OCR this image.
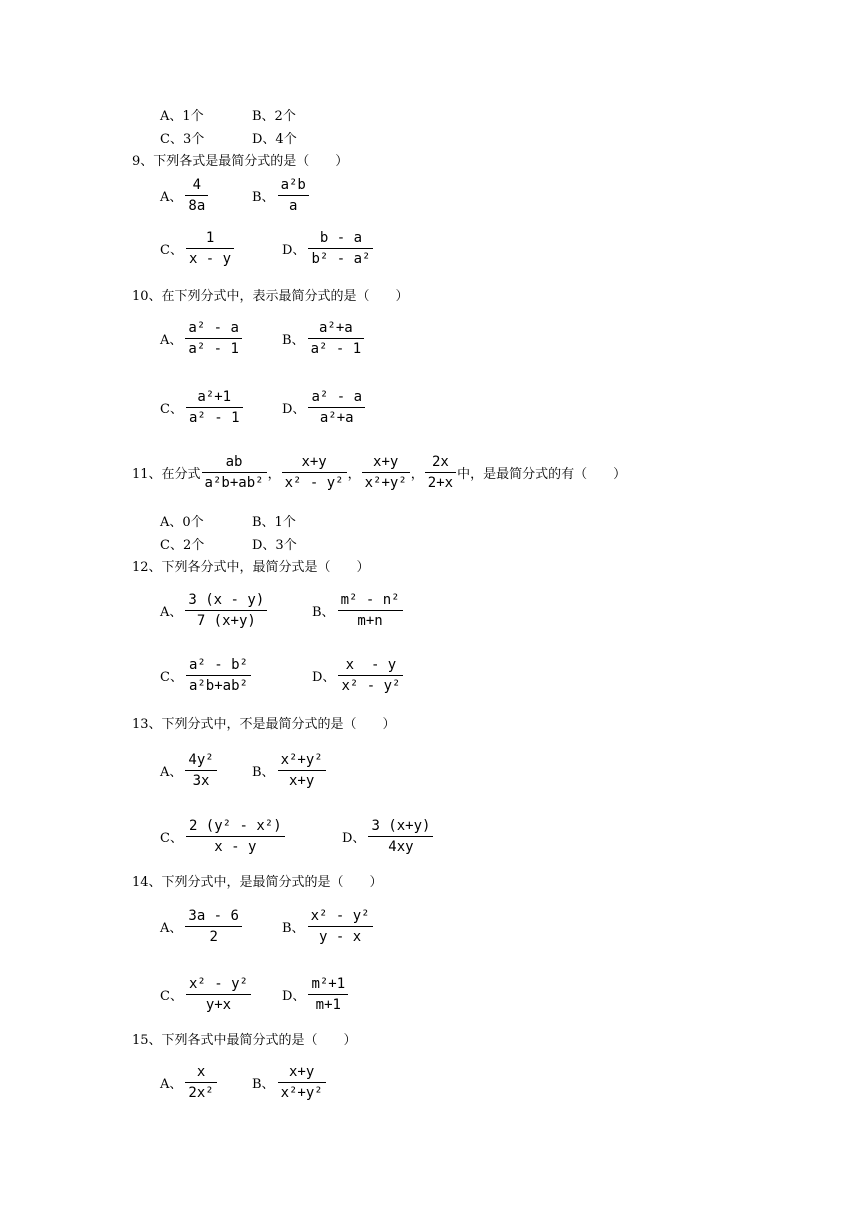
A、1个	B、2个
C、3个	D、4个
9、下列各式是最简分式的是（　　）
A、 $\frac{4}{8a}$	B、 $\frac{\text{a²b}}{a}$
C、 $\frac{1}{x - y}$	D、 $\frac{b - a}{\text{b² - a²}}$
10、在下列分式中，表示最简分式的是（　　）
A、 $\frac{\text{a² - a}}{\text{a² - 1}}$	B、 $\frac{\text{a²+a}}{\text{a² - 1}}$
C、 $\frac{\text{a²+1}}{\text{a² - 1}}$	D、 $\frac{\text{a² - a}}{\text{a²+a}}$
11、在分式 $\frac{ab}{\text{a²b+ab²}}$ ， $\frac{x+y}{\text{x² - y²}}$ ， $\frac{x+y}{\text{x²+y²}}$ ， $\frac{2x}{2+x}$ 中，是最简分式的有（　　）
A、0个	B、1个
C、2个	D、3个
12、下列各分式中，最简分式是（　　）
A、 $\frac{3 (x - y)}{7 (x+y)}$	B、 $\frac{\text{m² - n²}}{m+n}$
C、 $\frac{\text{a² - b²}}{\text{a²b+ab²}}$	D、 $\frac{x - y}{\text{x² - y²}}$
13、下列分式中，不是最简分式的是（　　）
A、 $\frac{\text{4y²}}{3x}$	B、 $\frac{\text{x²+y²}}{x+y}$
C、 $\frac{\text{2 (y² - x²)}}{x - y}$	D、 $\frac{3 (x+y)}{4xy}$
14、下列分式中，是最简分式的是（　　）
A、 $\frac{3a - 6}{2}$	B、 $\frac{\text{x² - y²}}{y - x}$
C、 $\frac{\text{x² - y²}}{y+x}$ D、 $\frac{\text{m²+1}}{m+1}$
15、下列各式中最简分式的是（　　）
A、 $\frac{x}{\text{2x²}}$	B、 $\frac{x+y}{\text{x²+y²}}$
